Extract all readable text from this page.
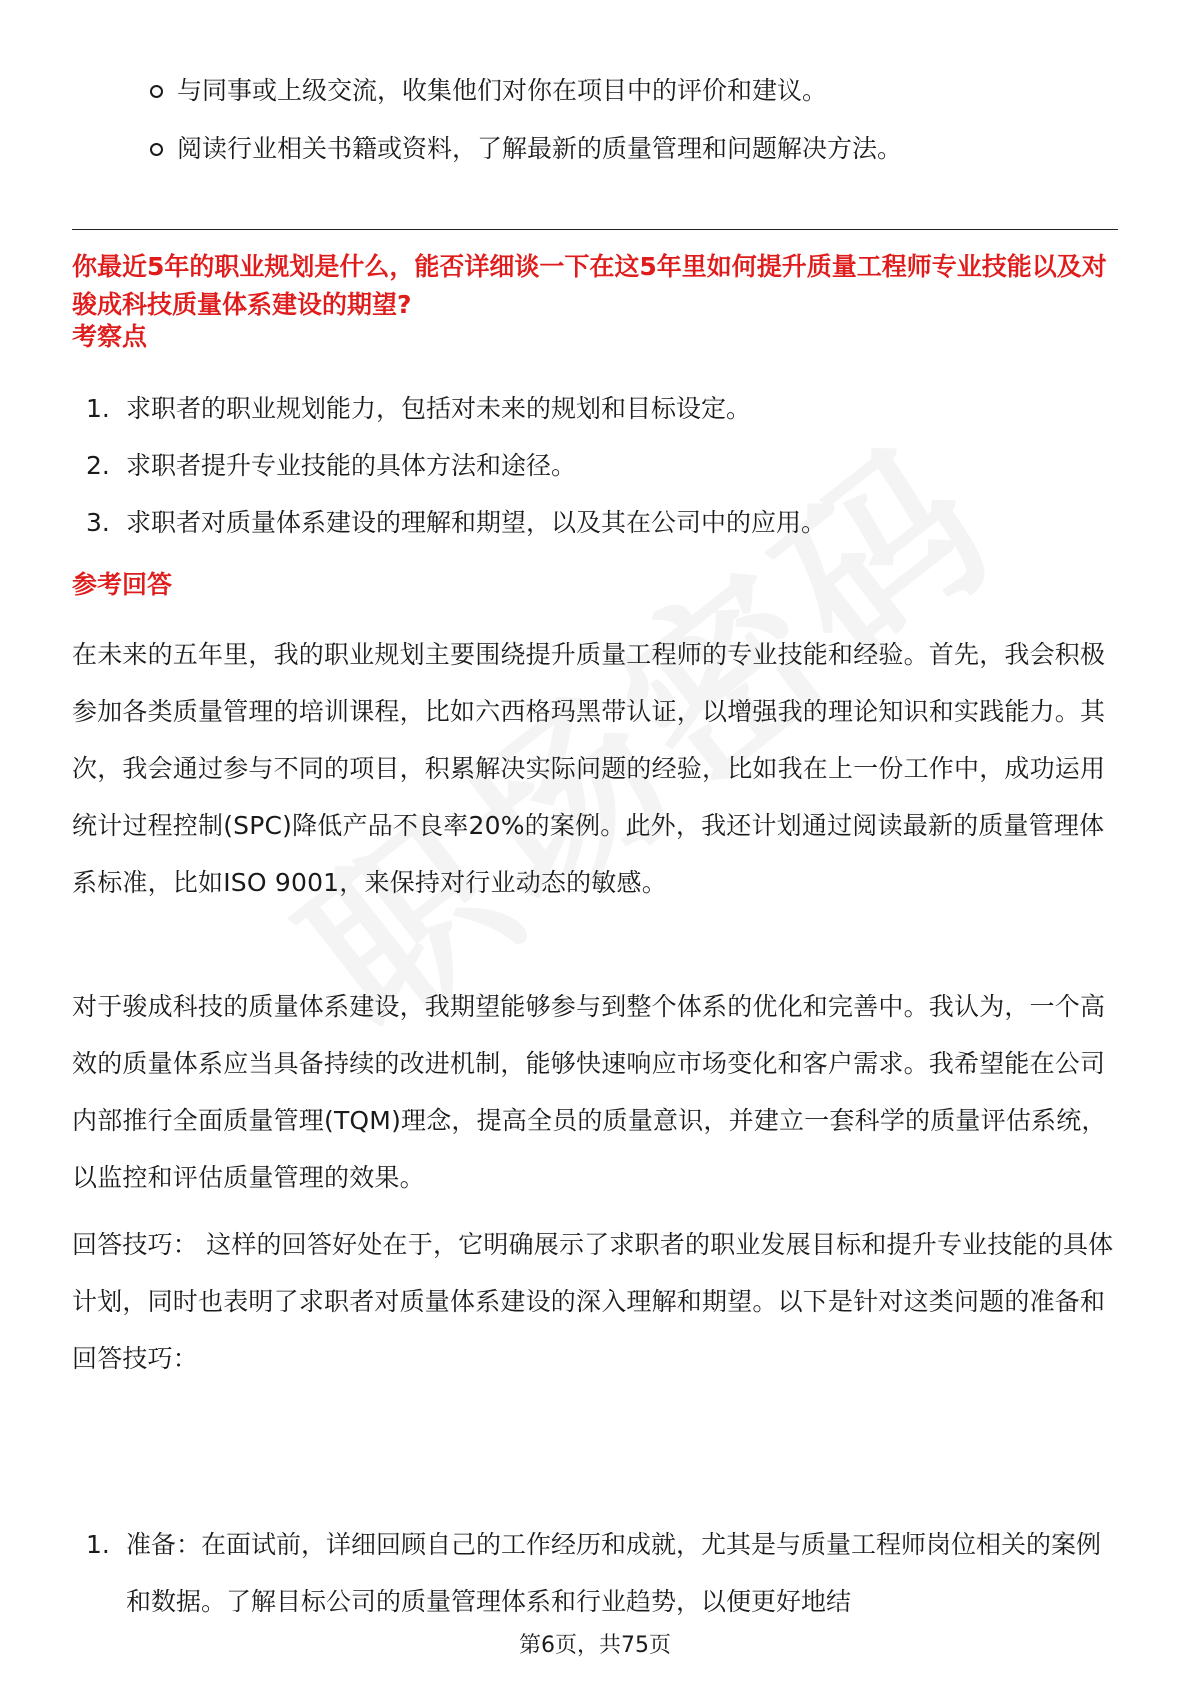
与同事或上级交流，收集他们对你在项目中的评价和建议。
阅读行业相关书籍或资料，了解最新的质量管理和问题解决方法。

你最近5年的职业规划是什么，能否详细谈一下在这5年里如何提升质量工程师专业技能以及对骏成科技质量体系建设的期望?

考察点

1. 求职者的职业规划能力，包括对未来的规划和目标设定。
2. 求职者提升专业技能的具体方法和途径。
3. 求职者对质量体系建设的理解和期望，以及其在公司中的应用。

参考回答

在未来的五年里，我的职业规划主要围绕提升质量工程师的专业技能和经验。首先，我会积极参加各类质量管理的培训课程，比如六西格玛黑带认证，以增强我的理论知识和实践能力。其次，我会通过参与不同的项目，积累解决实际问题的经验，比如我在上一份工作中，成功运用统计过程控制(SPC)降低产品不良率20%的案例。此外，我还计划通过阅读最新的质量管理体系标准，比如ISO 9001，来保持对行业动态的敏感。

对于骏成科技的质量体系建设，我期望能够参与到整个体系的优化和完善中。我认为，一个高效的质量体系应当具备持续的改进机制，能够快速响应市场变化和客户需求。我希望能在公司内部推行全面质量管理(TQM)理念，提高全员的质量意识，并建立一套科学的质量评估系统，以监控和评估质量管理的效果。

回答技巧： 这样的回答好处在于，它明确展示了求职者的职业发展目标和提升专业技能的具体计划，同时也表明了求职者对质量体系建设的深入理解和期望。以下是针对这类问题的准备和回答技巧：

1. 准备：在面试前，详细回顾自己的工作经历和成就，尤其是与质量工程师岗位相关的案例和数据。了解目标公司的质量管理体系和行业趋势，以便更好地结
第6页，共75页
